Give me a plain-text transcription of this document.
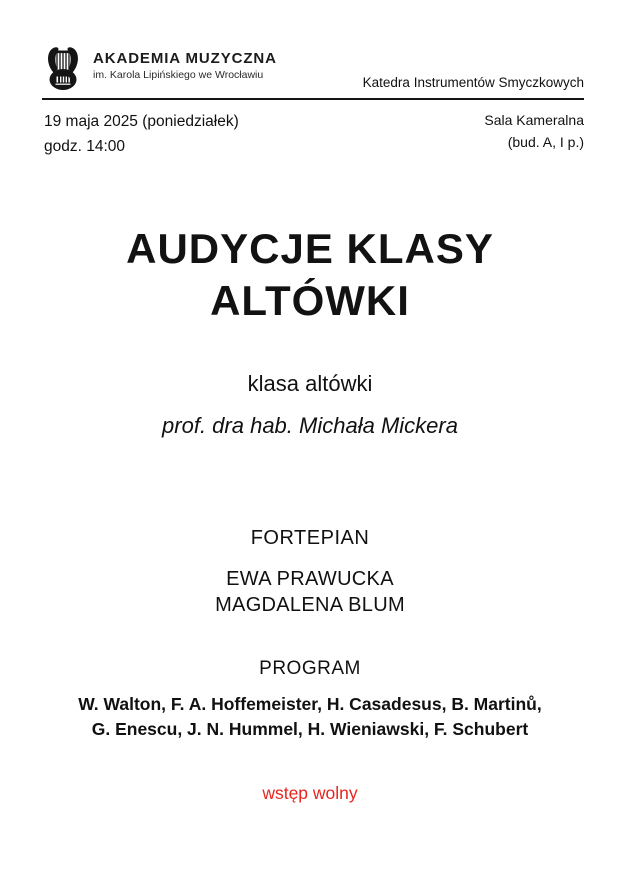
AKADEMIA MUZYCZNA
im. Karola Lipińskiego we Wrocławiu	Katedra Instrumentów Smyczkowych
19 maja 2025 (poniedziałek)
godz. 14:00
Sala Kameralna
(bud. A, I p.)
AUDYCJE KLASY
ALTÓWKI
klasa altówki
prof. dra hab. Michała Mickera
FORTEPIAN
EWA PRAWUCKA
MAGDALENA BLUM
PROGRAM
W. Walton, F. A. Hoffemeister, H. Casadesus, B. Martinů,
G. Enescu, J. N. Hummel, H. Wieniawski, F. Schubert
wstęp wolny
